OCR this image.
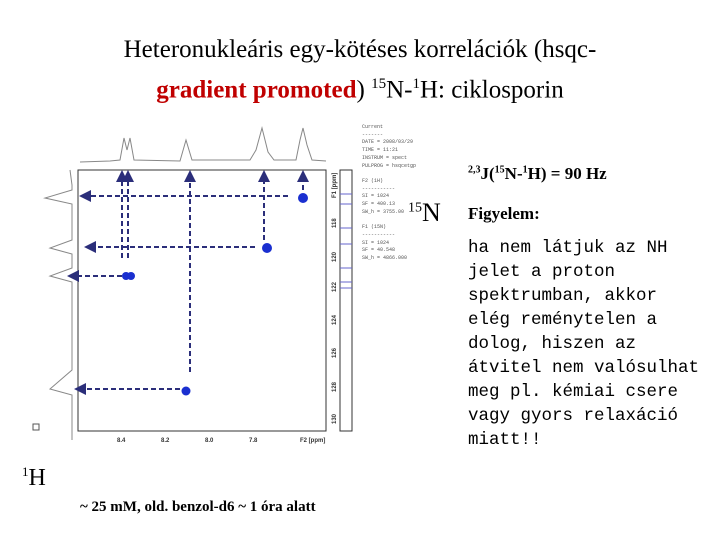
Heteronukleáris egy-kötéses korrelációk (hsqc-
gradient promoted) $^{15}$N-$^1$H: ciklosporin
8.4	8.2	8.0	7.8	F2 [ppm]
118
120
122
124
126
128
130
F1 [ppm]
Current
-------
DATE = 2008/03/29
TIME = 11:21
INSTRUM = spect
PULPROG = hsqcetgp

F2 (1H)
-----------
SI = 1024
SF = 400.13
SW_h = 3755.00

F1 (15N)
-----------
SI = 1024
SF = 40.548
SW_h = 4866.000
$^{15}$N
$^1$H
$^{2,3}$J($^{15}$N-$^1$H) = 90 Hz
Figyelem:
ha nem látjuk az NH jelet a proton spektrumban, akkor elég reménytelen a dolog, hiszen az átvitel nem valósulhat meg pl. kémiai csere vagy gyors relaxáció miatt!!
~ 25 mM, old. benzol-d6 ~ 1 óra alatt
